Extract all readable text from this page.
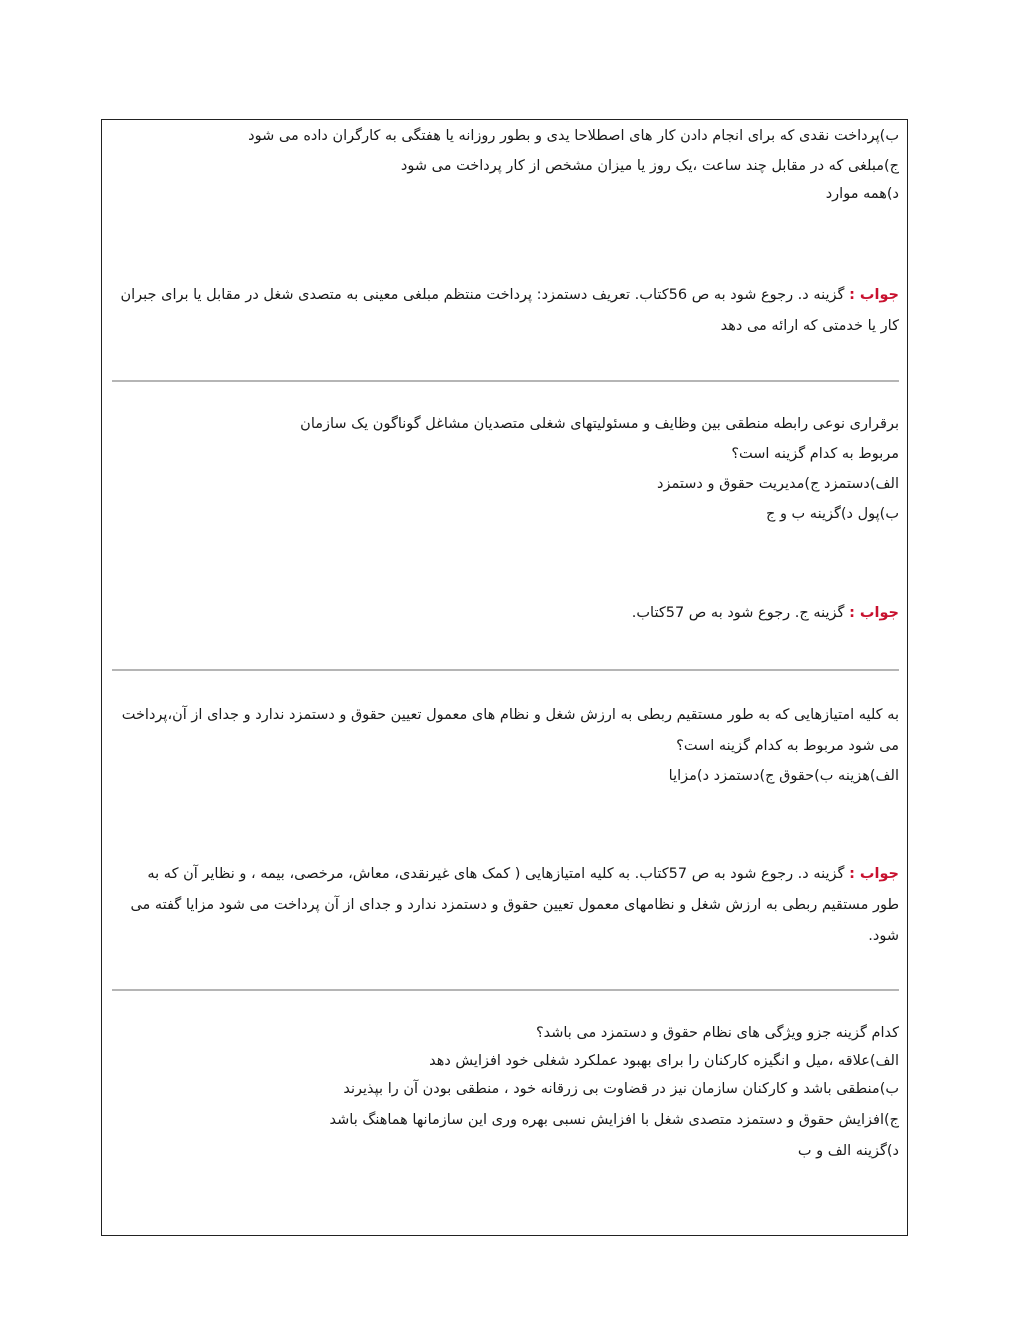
ب)پرداخت نقدی که برای انجام دادن کار های اصطلاحا یدی و بطور روزانه یا هفتگی به کارگران داده می شود
ج)مبلغی که در مقابل چند ساعت ،یک روز یا میزان مشخص از کار پرداخت می شود
د)همه موارد
جواب : گزینه د. رجوع شود به ص 56کتاب. تعریف دستمزد: پرداخت منتظم مبلغی معینی به متصدی شغل در مقابل یا برای جبران کار یا خدمتی که ارائه می دهد
برقراری نوعی رابطه منطقی بین وظایف و مسئولیتهای شغلی متصدیان مشاغل گوناگون یک سازمان
مربوط به کدام گزینه است؟
الف)دستمزد ج)مدیریت حقوق و دستمزد
ب)پول د)گزینه ب و ج
جواب : گزینه ج. رجوع شود به ص 57کتاب.
به کلیه امتیازهایی که به طور مستقیم ربطی به ارزش شغل و نظام های معمول تعیین حقوق و دستمزد ندارد و جدای از آن،پرداخت می شود مربوط به کدام گزینه است؟
الف)هزینه ب)حقوق ج)دستمزد د)مزایا
جواب : گزینه د. رجوع شود به ص 57کتاب. به کلیه امتیازهایی ( کمک های غیرنقدی، معاش، مرخصی، بیمه ، و نظایر آن که به طور مستقیم ربطی به ارزش شغل و نظامهای معمول تعیین حقوق و دستمزد ندارد و جدای از آن پرداخت می شود مزایا گفته می شود.
کدام گزینه جزو ویژگی های نظام حقوق و دستمزد می باشد؟
الف)علاقه ،میل و انگیزه کارکنان را برای بهبود عملکرد شغلی خود افزایش دهد
ب)منطقی باشد و کارکنان سازمان نیز در قضاوت بی زرقانه خود ، منطقی بودن آن را بپذیرند
ج)افزایش حقوق و دستمزد متصدی شغل با افزایش نسبی بهره وری این سازمانها هماهنگ باشد
د)گزینه الف و ب
